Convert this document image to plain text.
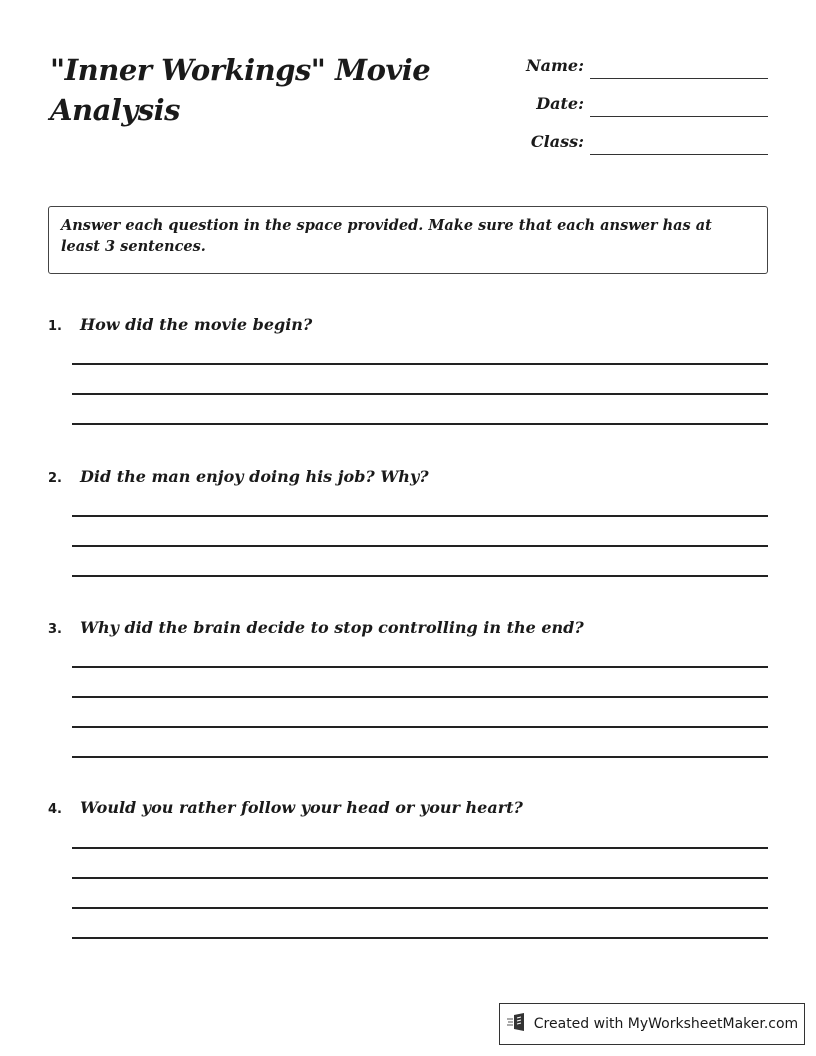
"Inner Workings" Movie Analysis
Name:
Date:
Class:
Answer each question in the space provided. Make sure that each answer has at least 3 sentences.
1. How did the movie begin?
2. Did the man enjoy doing his job? Why?
3. Why did the brain decide to stop controlling in the end?
4. Would you rather follow your head or your heart?
Created with MyWorksheetMaker.com
